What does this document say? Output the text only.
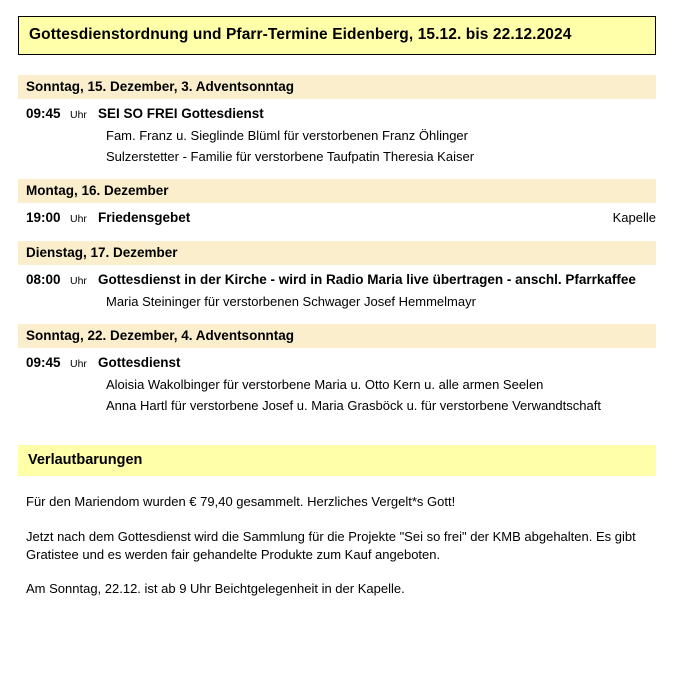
Gottesdienstordnung und Pfarr-Termine Eidenberg, 15.12. bis 22.12.2024
Sonntag, 15. Dezember, 3. Adventsonntag
09:45 Uhr SEI SO FREI Gottesdienst
Fam. Franz u. Sieglinde Blüml für verstorbenen Franz Öhlinger
Sulzerstetter - Familie für verstorbene Taufpatin Theresia Kaiser
Montag, 16. Dezember
19:00 Uhr Friedensgebet	Kapelle
Dienstag, 17. Dezember
08:00 Uhr Gottesdienst in der Kirche - wird in Radio Maria live übertragen - anschl. Pfarrkaffee
Maria Steininger für verstorbenen Schwager Josef Hemmelmayr
Sonntag, 22. Dezember, 4. Adventsonntag
09:45 Uhr Gottesdienst
Aloisia Wakolbinger für verstorbene Maria u. Otto Kern u. alle armen Seelen
Anna Hartl für verstorbene Josef u. Maria Grasböck u. für verstorbene Verwandtschaft
Verlautbarungen
Für den Mariendom wurden € 79,40 gesammelt. Herzliches Vergelt*s Gott!
Jetzt nach dem Gottesdienst wird die Sammlung für die Projekte "Sei so frei" der KMB abgehalten. Es gibt Gratistee und es werden fair gehandelte Produkte zum Kauf angeboten.
Am Sonntag, 22.12. ist ab 9 Uhr Beichtgelegenheit in der Kapelle.
